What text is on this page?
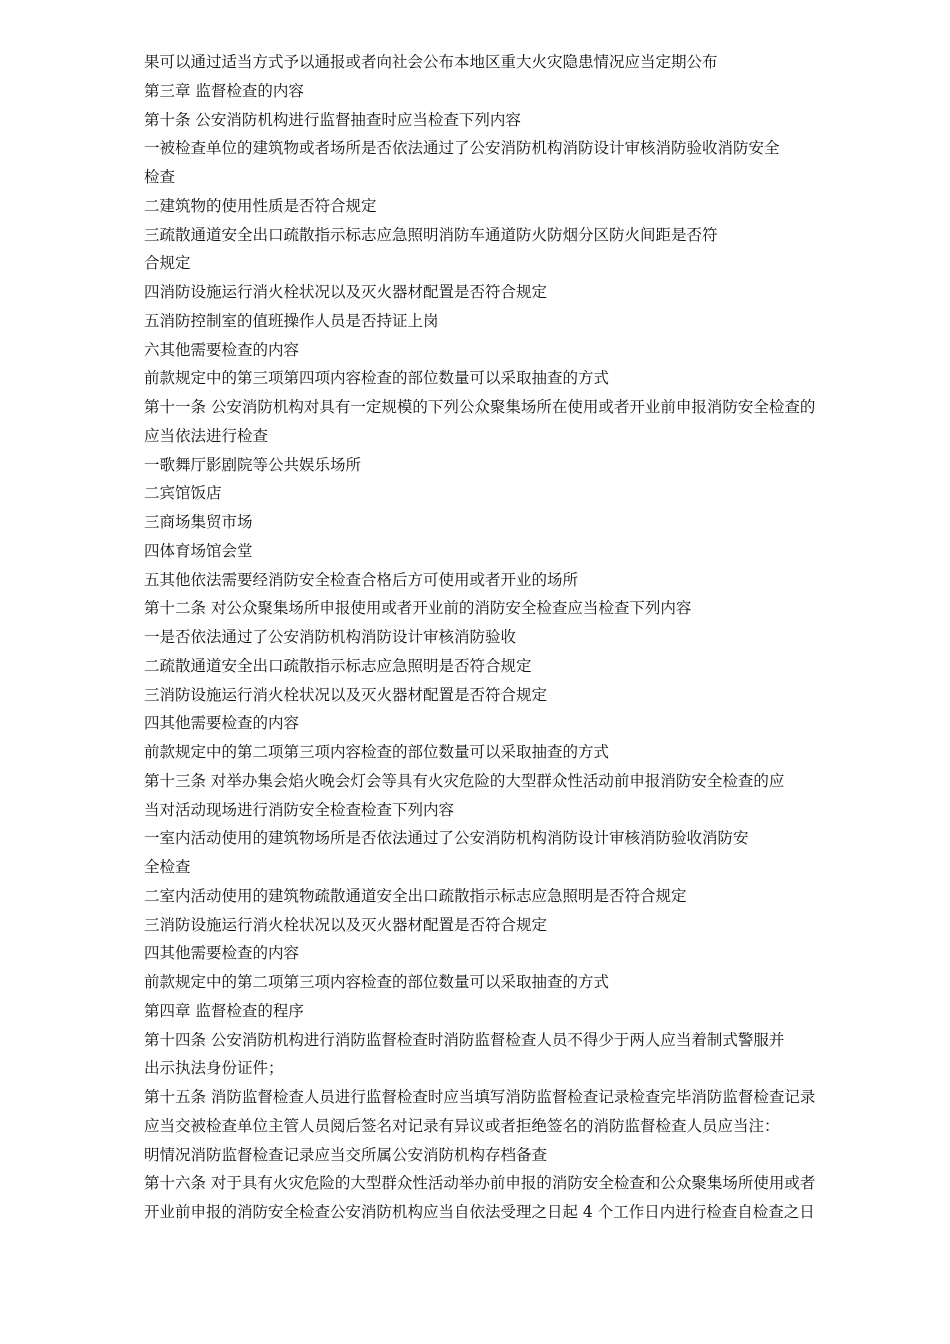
果可以通过适当方式予以通报或者向社会公布本地区重大火灾隐患情况应当定期公布
第三章 监督检查的内容
第十条 公安消防机构进行监督抽查时应当检查下列内容
一被检查单位的建筑物或者场所是否依法通过了公安消防机构消防设计审核消防验收消防安全
检查
二建筑物的使用性质是否符合规定
三疏散通道安全出口疏散指示标志应急照明消防车通道防火防烟分区防火间距是否符
合规定
四消防设施运行消火栓状况以及灭火器材配置是否符合规定
五消防控制室的值班操作人员是否持证上岗
六其他需要检查的内容
前款规定中的第三项第四项内容检查的部位数量可以采取抽查的方式
第十一条 公安消防机构对具有一定规模的下列公众聚集场所在使用或者开业前申报消防安全检查的
应当依法进行检查
一歌舞厅影剧院等公共娱乐场所
二宾馆饭店
三商场集贸市场
四体育场馆会堂
五其他依法需要经消防安全检查合格后方可使用或者开业的场所
第十二条 对公众聚集场所申报使用或者开业前的消防安全检查应当检查下列内容
一是否依法通过了公安消防机构消防设计审核消防验收
二疏散通道安全出口疏散指示标志应急照明是否符合规定
三消防设施运行消火栓状况以及灭火器材配置是否符合规定
四其他需要检查的内容
前款规定中的第二项第三项内容检查的部位数量可以采取抽查的方式
第十三条 对举办集会焰火晚会灯会等具有火灾危险的大型群众性活动前申报消防安全检查的应
当对活动现场进行消防安全检查检查下列内容
一室内活动使用的建筑物场所是否依法通过了公安消防机构消防设计审核消防验收消防安
全检查
二室内活动使用的建筑物疏散通道安全出口疏散指示标志应急照明是否符合规定
三消防设施运行消火栓状况以及灭火器材配置是否符合规定
四其他需要检查的内容
前款规定中的第二项第三项内容检查的部位数量可以采取抽查的方式
第四章 监督检查的程序
第十四条 公安消防机构进行消防监督检查时消防监督检查人员不得少于两人应当着制式警服并
出示执法身份证件；
第十五条 消防监督检查人员进行监督检查时应当填写消防监督检查记录检查完毕消防监督检查记录
应当交被检查单位主管人员阅后签名对记录有异议或者拒绝签名的消防监督检查人员应当注：
明情况消防监督检查记录应当交所属公安消防机构存档备查
第十六条 对于具有火灾危险的大型群众性活动举办前申报的消防安全检查和公众聚集场所使用或者
开业前申报的消防安全检查公安消防机构应当自依法受理之日起 4 个工作日内进行检查自检查之日
